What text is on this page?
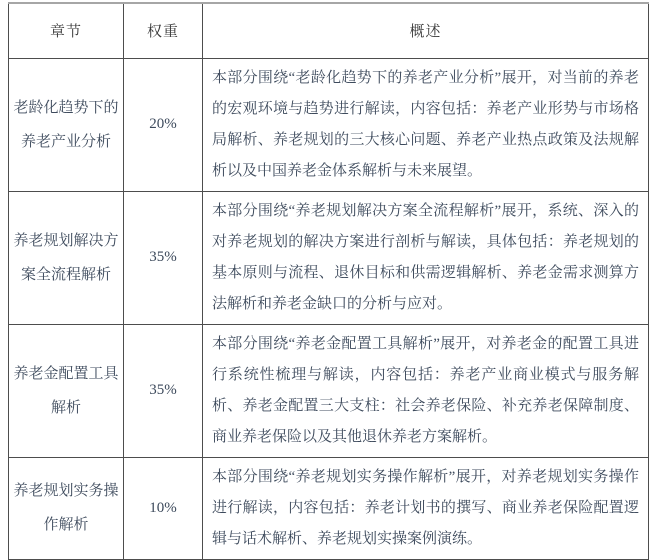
章节	权重	概述
老龄化趋势下的养老产业分析	20%	本部分围绕“老龄化趋势下的养老产业分析”展开，对当前的养老的宏观环境与趋势进行解读，内容包括：养老产业形势与市场格局解析、养老规划的三大核心问题、养老产业热点政策及法规解析以及中国养老金体系解析与未来展望。
养老规划解决方案全流程解析	35%	本部分围绕“养老规划解决方案全流程解析”展开，系统、深入的对养老规划的解决方案进行剖析与解读，具体包括：养老规划的基本原则与流程、退休目标和供需逻辑解析、养老金需求测算方法解析和养老金缺口的分析与应对。
养老金配置工具解析	35%	本部分围绕“养老金配置工具解析”展开，对养老金的配置工具进行系统性梳理与解读，内容包括：养老产业商业模式与服务解析、养老金配置三大支柱：社会养老保险、补充养老保障制度、商业养老保险以及其他退休养老方案解析。
养老规划实务操作解析	10%	本部分围绕“养老规划实务操作解析”展开，对养老规划实务操作进行解读，内容包括：养老计划书的撰写、商业养老保险配置逻辑与话术解析、养老规划实操案例演练。
